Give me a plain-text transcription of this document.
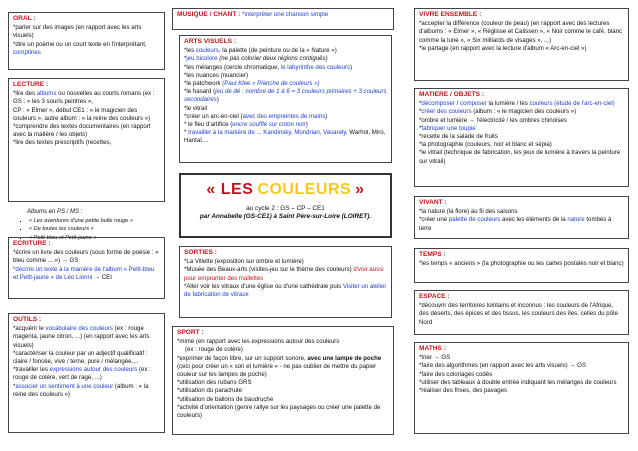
ORAL :

*parler sur des images (en rapport avec les arts visuels)

*dire un poème ou un court texte en l'interprétant, comptines

LECTURE :

*lire des albums ou nouvelles au courts romans (ex : GS : « les 3 souris peintres »,

CP : « Elmer », début CE1 : « le magicien des couleurs », autre album : « la reine des couleurs »)

*comprendre des textes documentaires (en rapport avec la matière / les objets)

*lire des textes prescriptifs (recettes,

Albums en PS / MS :
▪ « Les aventures d'une petite bulle rouge »
▪ « De toutes les couleurs »
▪ « Petit-bleu et Petit-jaune »
ECRITURE :

*écrire un livre des couleurs (sous forme de poésie : « bleu comme ... ») → GS

*décrire un texte à la manière de l'album « Petit-bleu et Petit-jaune » de Léo Lionni → CEI

OUTILS :

*acquérir le vocabulaire des couleurs (ex : rouge magenta, jaune citron, ...) (en rapport avec les arts visuels)

*caractériser la couleur par un adjectif qualificatif : claire / foncée, vive / terne, pure / mélangée,...

*travailler les expressions autour des couleurs (ex : rouge de colère, vert de rage, ...)

*associer un sentiment à une couleur (album : « la reine des couleurs »)

MUSIQUE / CHANT : *interpréter une chanson simple

ARTS VISUELS :

*les couleurs, la palette (de peinture ou de la « Nature »)

*jeu bicolore (ne pas colorier deux régions contiguës)

*les mélanges (cercle chromatique, le labyrinthe des couleurs)

*les nuances (nuancier)

*le patchwork (Paul Klee « Planche de couleurs »)

*le hasard (jeu de dé : nombre de 1 à 6 = 3 couleurs primaires + 3 couleurs secondaires)

*le vitrail

*créer un arc-en-ciel (avec des empreintes de mains)

* le fleu d'artifice (encre soufflé sur coton noir)

* travailler à la manière de ... Kandinsky, Mondrian, Vasarely, Warhol, Miro, Hantaï,...

« LES COULEURS »
au cycle 2 : GS – CP – CE1
par Annabelle (GS-CE1) à Saint Père-sur-Loire (LOIRET).
SORTIES :

*La Villette (exposition sur ombre et lumière)

*Musée des Beaux-arts (visites-jeu sur le thème des couleurs) d'voir aussi pour emprunter des mallettes

*Aller voir les vitraux d'une église ou d'une cathédrale puis Visiter un atelier de fabrication de vitraux

SPORT :

*mime (en rapport avec les expressions autour des couleurs

(ex : rouge de colère)

*exprimer de façon libre, sur un support sonore, avec une lampe de poche (ceci pour créer un « son et lumière » - ne pas oublier de mettre du papier couleur sur les lampes de poche)

*utilisation des rubans GRS

*utilisation du parachute

*utilisation de ballons de baudruche

*activité d'orientation (genre rallye sur les paysages ou créer une palette de couleurs)

VIVRE ENSEMBLE :

*accepter la différence (couleur de peau) (en rapport avec des lectures d'albums : « Elmer », « Réglisse et Calissen », « Noir comme le café, blanc comme la lune », « Six milliards de visages », ...)

*le partage (en rapport avec la lecture d'album « Arc-en-ciel »)

MATIERE / OBJETS :

*décomposer / composer la lumière / les couleurs (étude de l'arc-en-ciel)

*créer des couleurs (album : « le magicien des couleurs »)

*ombre et lumière → l'électricité / les ombres chinoises

*fabriquer une toupie

*recette de la salade de fruits

*la photographie (couleurs, noir et blanc et sépia)

*le vitrail (technique de fabrication, les jeux de lumière à travers la peinture sur vitrail)

VIVANT :

*la nature (la flore) au fil des saisons

*créer une palette de couleurs avec les éléments de la nature tombés à terre

TEMPS :

*les temps « anciens » (la photographie ou les cartes postales noir et blanc)

ESPACE :

*découvrir des territoires lointains et inconnus : les couleurs de l'Afrique, des déserts, des épices et des tissus, les couleurs des îles, celles du pôle Nord

MATHS :

*trier → GS

*faire des algorithmes (en rapport avec les arts visuels) → GS

*faire des coloriages codés

*utiliser des tableaux à double entrée indiquant les mélanges de couleurs

*réaliser des frises, des pavages
